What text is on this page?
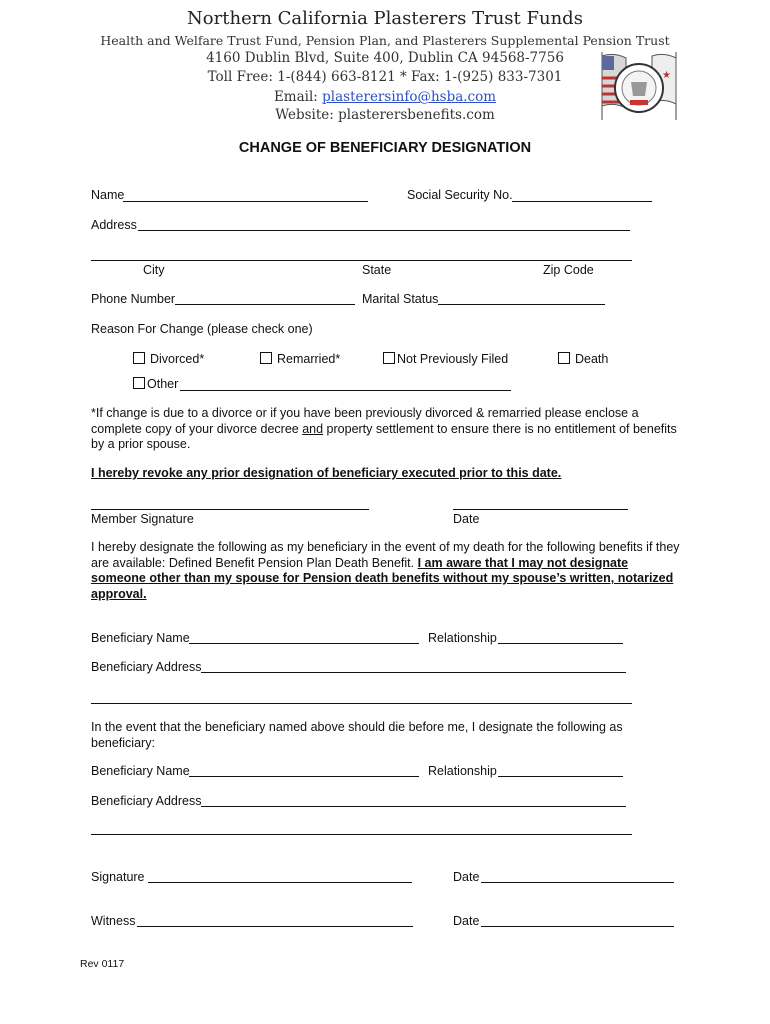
Northern California Plasterers Trust Funds
Health and Welfare Trust Fund, Pension Plan, and Plasterers Supplemental Pension Trust
4160 Dublin Blvd, Suite 400, Dublin CA 94568-7756
Toll Free: 1-(844) 663-8121 * Fax: 1-(925) 833-7301
Email: plasterersinfo@hsba.com
Website: plasterersbenefits.com
★
CHANGE OF BENEFICIARY DESIGNATION
Name	Social Security No.
Address
City	State	Zip Code
Phone Number	Marital Status
Reason For Change (please check one)
Divorced*	Remarried*	Not Previously Filed	Death
Other
*If change is due to a divorce or if you have been previously divorced & remarried please enclose a complete copy of your divorce decree and property settlement to ensure there is no entitlement of benefits by a prior spouse.
I hereby revoke any prior designation of beneficiary executed prior to this date.
Member Signature	Date
I hereby designate the following as my beneficiary in the event of my death for the following benefits if they are available: Defined Benefit Pension Plan Death Benefit. I am aware that I may not designate someone other than my spouse for Pension death benefits without my spouse’s written, notarized approval.
Beneficiary Name	Relationship
Beneficiary Address
In the event that the beneficiary named above should die before me, I designate the following as beneficiary:
Beneficiary Name	Relationship
Beneficiary Address
Signature	Date
Witness	Date
Rev 0117
